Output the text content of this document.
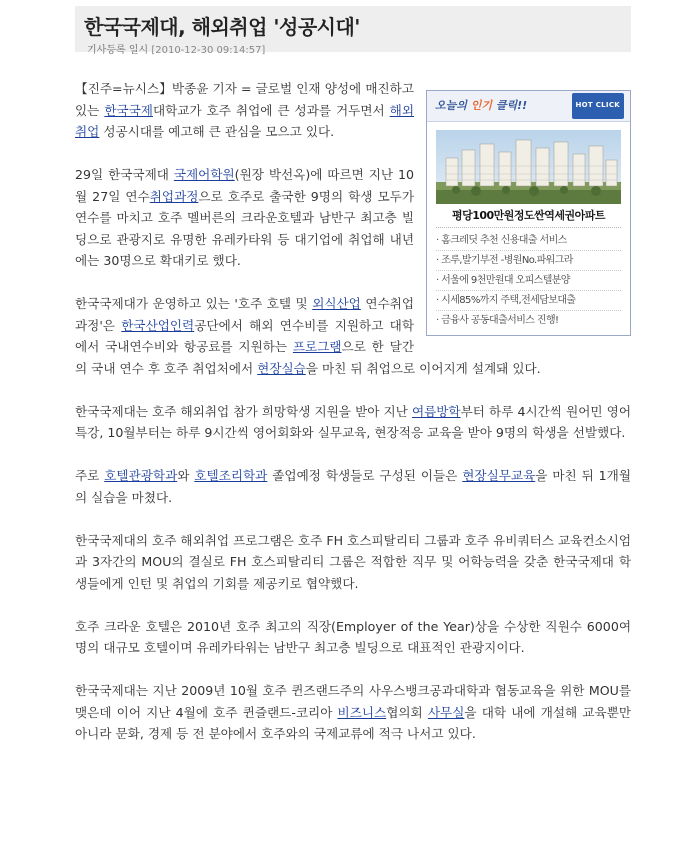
한국국제대, 해외취업 '성공시대'
기사등록 일시 [2010-12-30 09:14:57]
오늘의 인기 클릭!!	HOT CLICK
평당100만원정도싼역세권아파트
· 홈크레딧 추천 신용대출 서비스
· 조루,발기부전 -병원No.파워그라
· 서울에 9천만원대 오피스텔분양
· 시세85%까지 주택,전세담보대출
· 금융사 공동대출서비스 진행!

【진주=뉴시스】박종윤 기자 = 글로벌 인재 양성에 매진하고 있는 한국국제대학교가 호주 취업에 큰 성과를 거두면서 해외취업 성공시대를 예고해 큰 관심을 모으고 있다.

29일 한국국제대 국제어학원(원장 박선옥)에 따르면 지난 10월 27일 연수취업과정으로 호주로 출국한 9명의 학생 모두가 연수를 마치고 호주 멜버른의 크라운호텔과 남반구 최고층 빌딩으로 관광지로 유명한 유레카타워 등 대기업에 취업해 내년에는 30명으로 확대키로 했다.

한국국제대가 운영하고 있는 '호주 호텔 및 외식산업 연수취업과정'은 한국산업인력공단에서 해외 연수비를 지원하고 대학에서 국내연수비와 항공료를 지원하는 프로그램으로 한 달간의 국내 연수 후 호주 취업처에서 현장실습을 마친 뒤 취업으로 이어지게 설계돼 있다.

한국국제대는 호주 해외취업 참가 희망학생 지원을 받아 지난 여름방학부터 하루 4시간씩 원어민 영어특강, 10월부터는 하루 9시간씩 영어회화와 실무교육, 현장적응 교육을 받아 9명의 학생을 선발했다.

주로 호텔관광학과와 호텔조리학과 졸업예정 학생들로 구성된 이들은 현장실무교육을 마친 뒤 1개월의 실습을 마쳤다.

한국국제대의 호주 해외취업 프로그램은 호주 FH 호스피탈리티 그룹과 호주 유비쿼터스 교육컨소시엄과 3자간의 MOU의 결실로 FH 호스피탈리티 그룹은 적합한 직무 및 어학능력을 갖춘 한국국제대 학생들에게 인턴 및 취업의 기회를 제공키로 협약했다.

호주 크라운 호텔은 2010년 호주 최고의 직장(Employer of the Year)상을 수상한 직원수 6000여명의 대규모 호텔이며 유레카타워는 남반구 최고층 빌딩으로 대표적인 관광지이다.

한국국제대는 지난 2009년 10월 호주 퀸즈랜드주의 사우스뱅크공과대학과 협동교육을 위한 MOU를 맺은데 이어 지난 4월에 호주 퀸즐랜드-코리아 비즈니스협의회 사무실을 대학 내에 개설해 교육뿐만 아니라 문화, 경제 등 전 분야에서 호주와의 국제교류에 적극 나서고 있다.
